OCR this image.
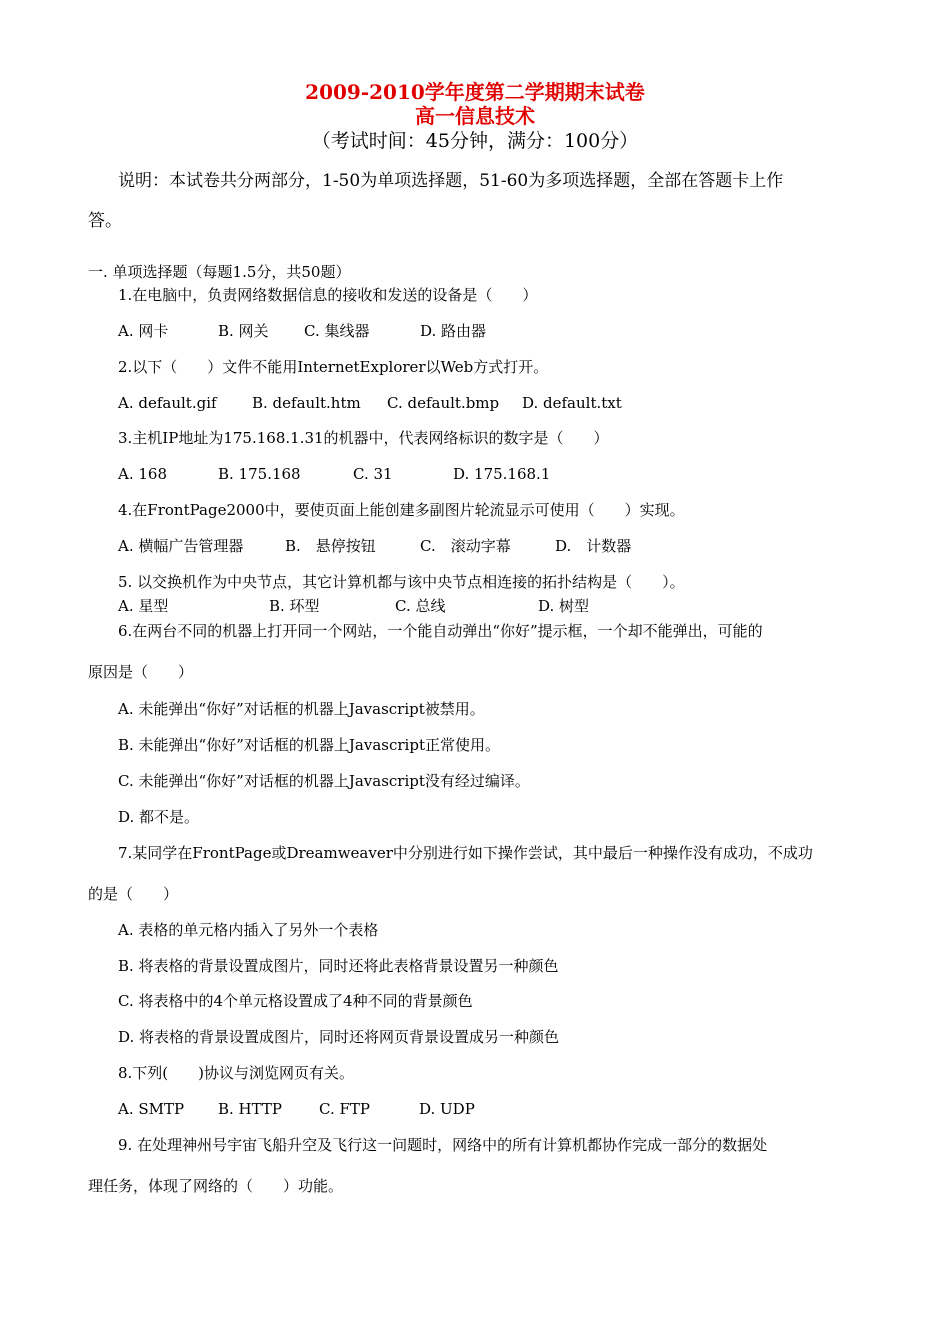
2009-2010学年度第二学期期末试卷
高一信息技术
（考试时间：45分钟，满分：100分）
说明：本试卷共分两部分，1-50为单项选择题，51-60为多项选择题，全部在答题卡上作
答。
一. 单项选择题（每题1.5分，共50题）
1.在电脑中，负责网络数据信息的接收和发送的设备是（　　）
A. 网卡	B. 网关	C. 集线器	D. 路由器
2.以下（　　）文件不能用InternetExplorer以Web方式打开。
A. default.gif	B. default.htm	C. default.bmp	D. default.txt
3.主机IP地址为175.168.1.31的机器中，代表网络标识的数字是（　　）
A. 168	B. 175.168	C. 31	D. 175.168.1
4.在FrontPage2000中，要使页面上能创建多副图片轮流显示可使用（　　）实现。
A. 横幅广告管理器	B.　悬停按钮	C.　滚动字幕	D.　计数器
5. 以交换机作为中央节点，其它计算机都与该中央节点相连接的拓扑结构是（　　）。
A. 星型	B. 环型	C. 总线	D. 树型
6.在两台不同的机器上打开同一个网站，一个能自动弹出“你好”提示框，一个却不能弹出，可能的
原因是（　　）
A. 未能弹出“你好”对话框的机器上Javascript被禁用。
B. 未能弹出“你好”对话框的机器上Javascript正常使用。
C. 未能弹出“你好”对话框的机器上Javascript没有经过编译。
D. 都不是。
7.某同学在FrontPage或Dreamweaver中分别进行如下操作尝试，其中最后一种操作没有成功，不成功
的是（　　）
A. 表格的单元格内插入了另外一个表格
B. 将表格的背景设置成图片，同时还将此表格背景设置另一种颜色
C. 将表格中的4个单元格设置成了4种不同的背景颜色
D. 将表格的背景设置成图片，同时还将网页背景设置成另一种颜色
8.下列(　　)协议与浏览网页有关。
A. SMTP	B. HTTP	C. FTP	D. UDP
9. 在处理神州号宇宙飞船升空及飞行这一问题时，网络中的所有计算机都协作完成一部分的数据处
理任务，体现了网络的（　　）功能。
